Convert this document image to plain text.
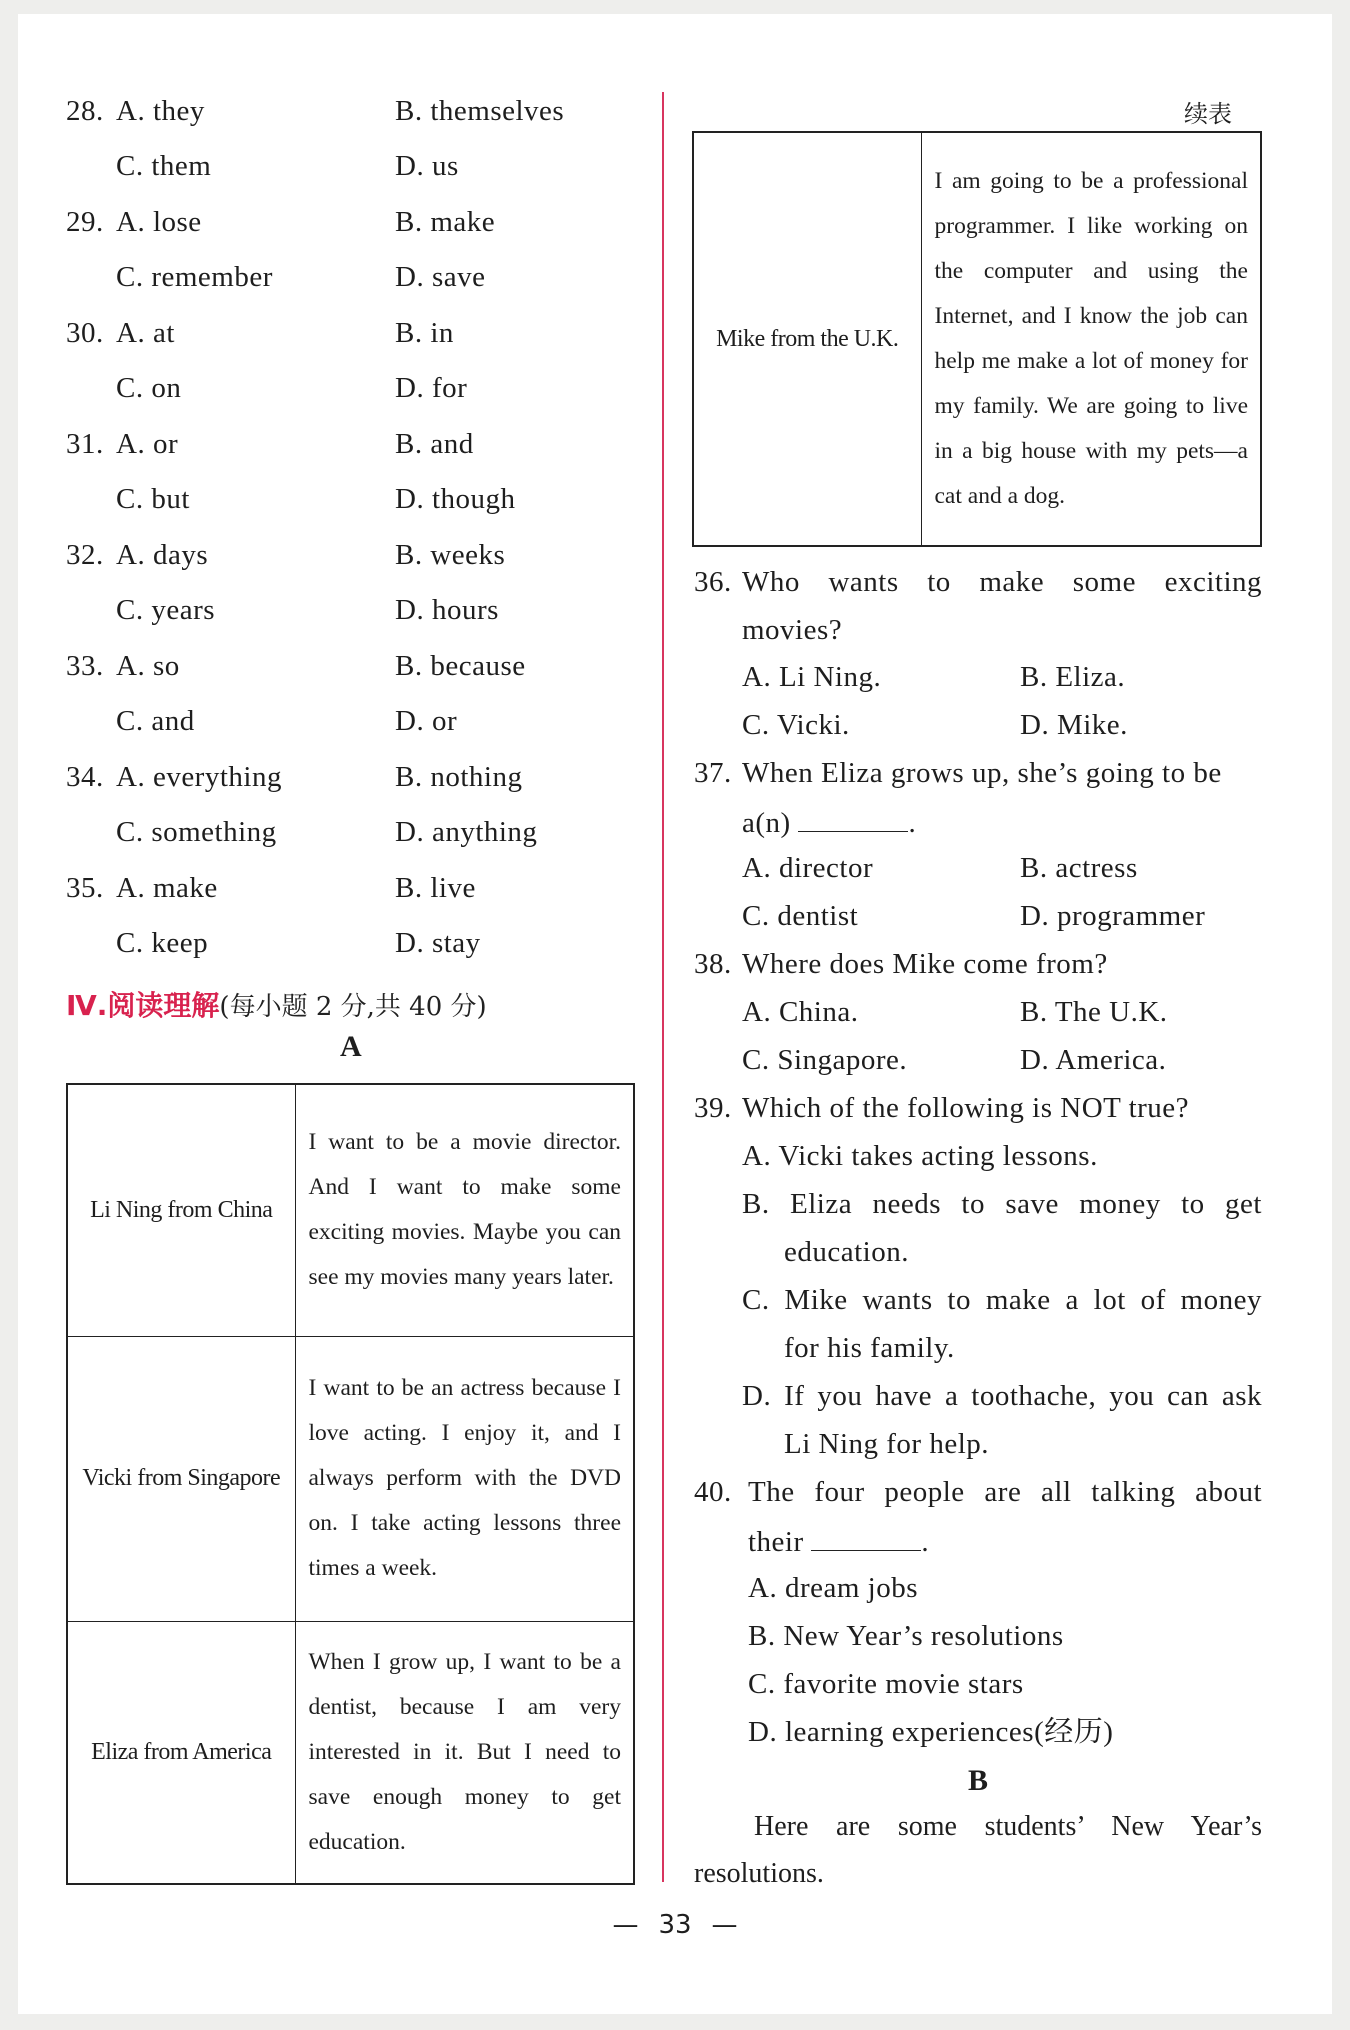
28. A. they	B. themselves
C. them	D. us
29. A. lose	B. make
C. remember	D. save
30. A. at	B. in
C. on	D. for
31. A. or	B. and
C. but	D. though
32. A. days	B. weeks
C. years	D. hours
33. A. so	B. because
C. and	D. or
34. A. everything	B. nothing
C. something	D. anything
35. A. make	B. live
C. keep	D. stay
Ⅳ.阅读理解(每小题 2 分,共 40 分)
A
Li Ning from China	I want to be a movie director. And I want to make some exciting movies. Maybe you can see my movies many years later.
Vicki from Singapore	I want to be an actress because I love acting. I enjoy it, and I always perform with the DVD on. I take acting lessons three times a week.
Eliza from America	When I grow up, I want to be a dentist, because I am very interested in it. But I need to save enough money to get education.
续表
Mike from the U.K.	I am going to be a professional programmer. I like working on the computer and using the Internet, and I know the job can help me make a lot of money for my family. We are going to live in a big house with my pets—a cat and a dog.
36. Who wants to make some exciting
movies?
A. Li Ning.	B. Eliza.
C. Vicki.	D. Mike.
37. When Eliza grows up, she’s going to be
a(n)	.
A. director	B. actress
C. dentist	D. programmer
38. Where does Mike come from?
A. China.	B. The U.K.
C. Singapore.	D. America.
39. Which of the following is NOT true?
A. Vicki takes acting lessons.
B. Eliza needs to save money to get
education.
C. Mike wants to make a lot of money
for his family.
D. If you have a toothache, you can ask
Li Ning for help.
40. The four people are all talking about
their	.
A. dream jobs
B. New Year’s resolutions
C. favorite movie stars
D. learning experiences(经历)
B
Here are some students’ New Year’s resolutions.
— 33 —
